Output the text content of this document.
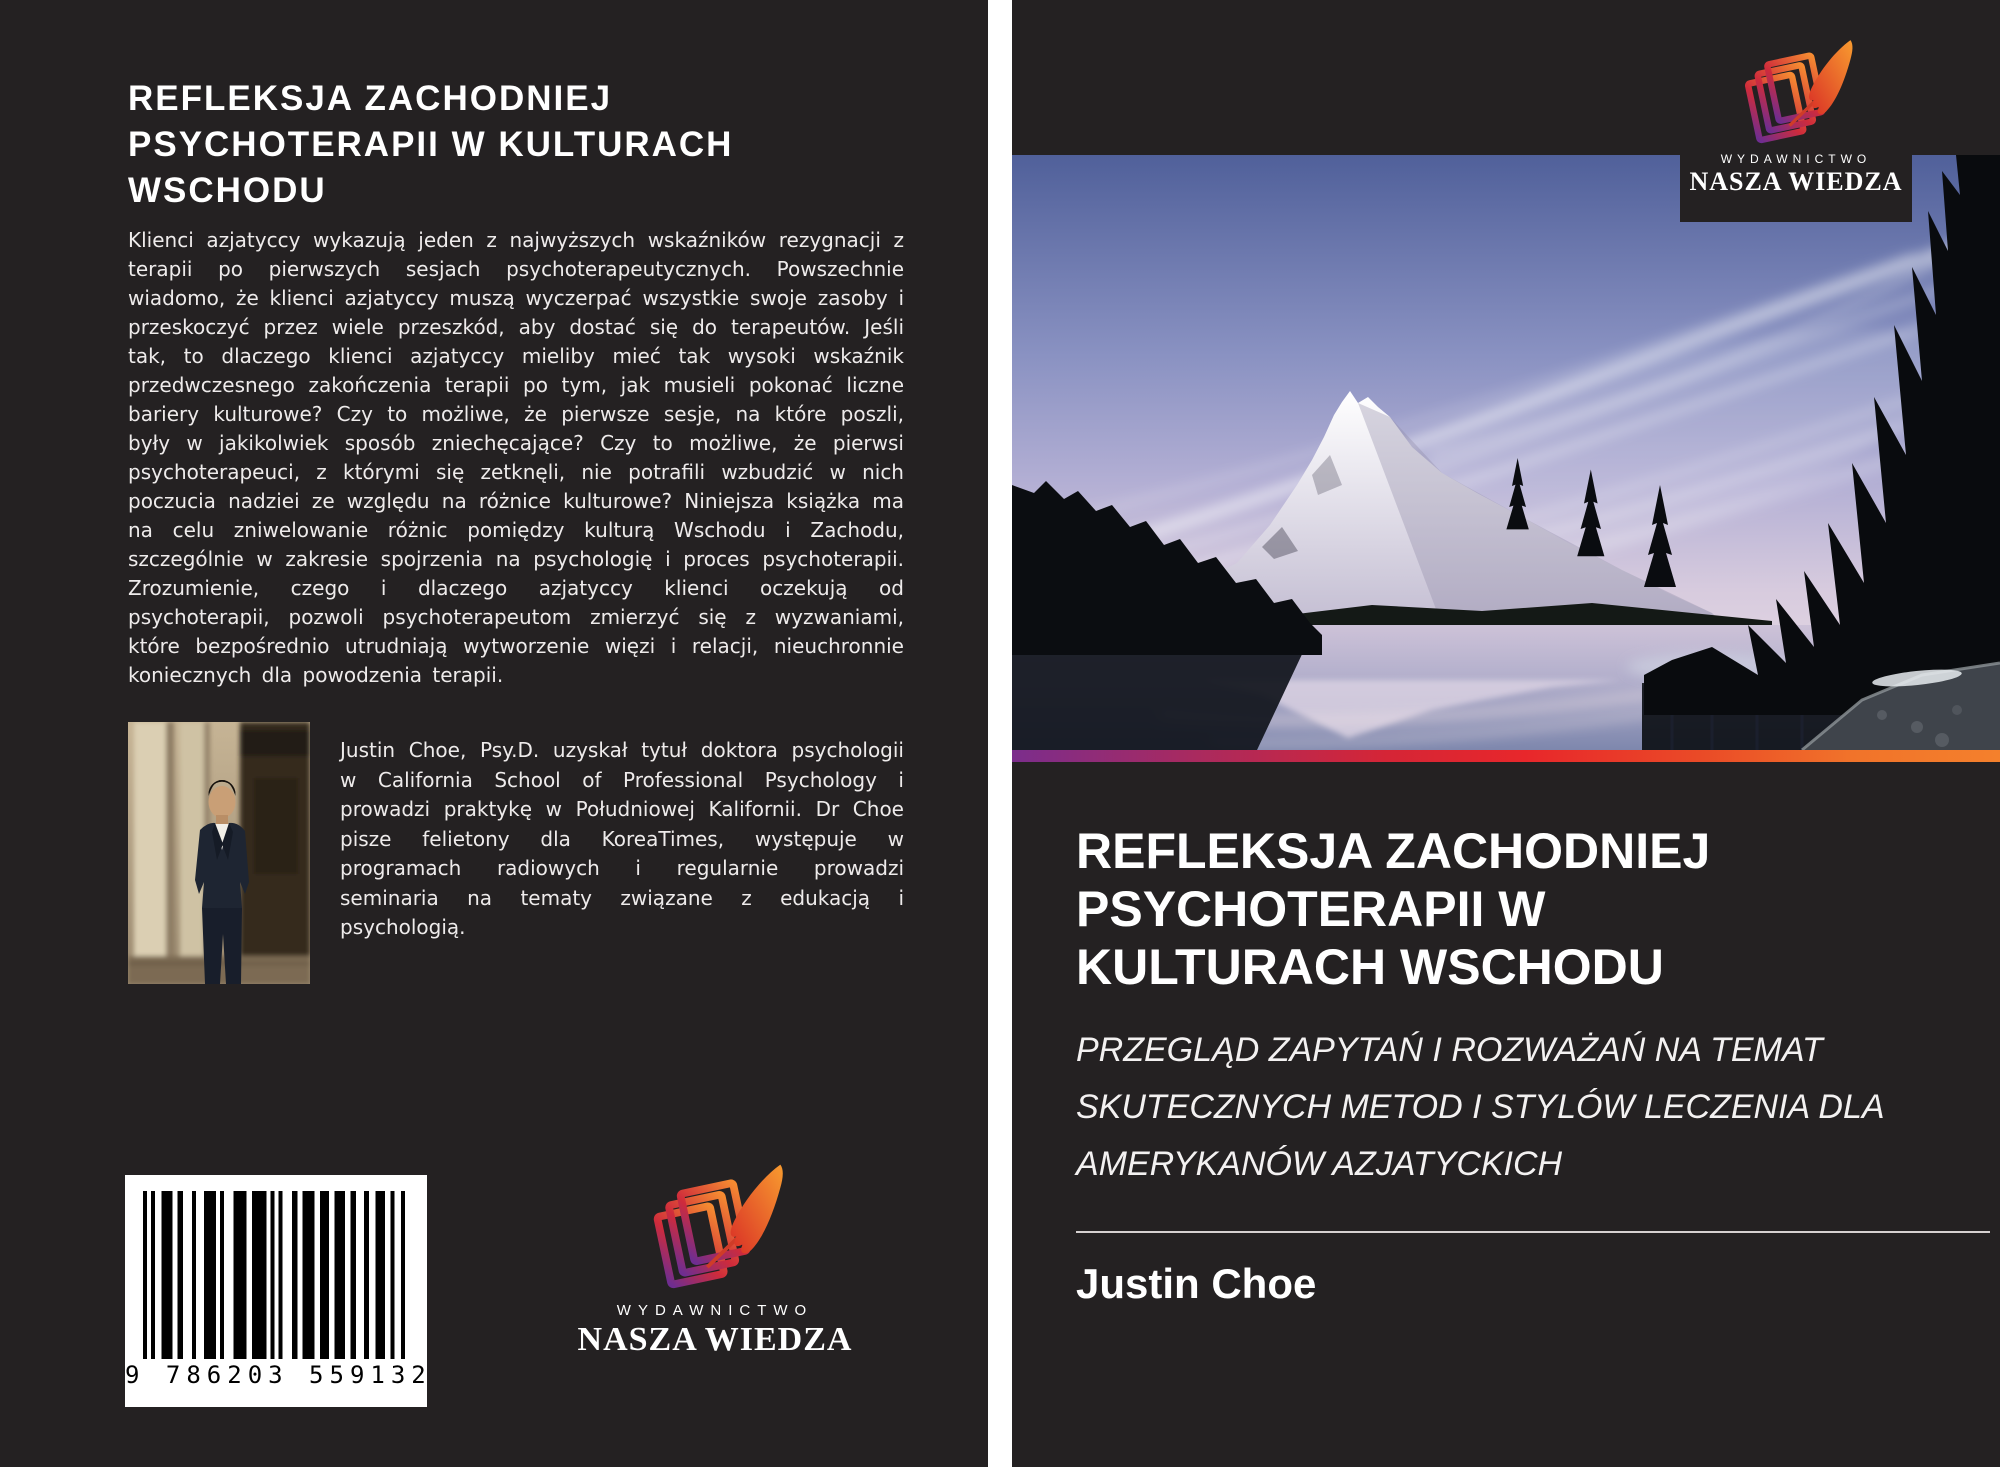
REFLEKSJA ZACHODNIEJ
PSYCHOTERAPII W KULTURACH
WSCHODU

Klienci azjatyccy wykazują jeden z najwyższych wskaźników rezygnacji z terapii po pierwszych sesjach psychoterapeutycznych. Powszechnie wiadomo, że klienci azjatyccy muszą wyczerpać wszystkie swoje zasoby i przeskoczyć przez wiele przeszkód, aby dostać się do terapeutów. Jeśli tak, to dlaczego klienci azjatyccy mieliby mieć tak wysoki wskaźnik przedwczesnego zakończenia terapii po tym, jak musieli pokonać liczne bariery kulturowe? Czy to możliwe, że pierwsze sesje, na które poszli, były w jakikolwiek sposób zniechęcające? Czy to możliwe, że pierwsi psychoterapeuci, z którymi się zetknęli, nie potrafili wzbudzić w nich poczucia nadziei ze względu na różnice kulturowe? Niniejsza książka ma na celu zniwelowanie różnic pomiędzy kulturą Wschodu i Zachodu, szczególnie w zakresie spojrzenia na psychologię i proces psychoterapii. Zrozumienie, czego i dlaczego azjatyccy klienci oczekują od psychoterapii, pozwoli psychoterapeutom zmierzyć się z wyzwaniami, które bezpośrednio utrudniają wytworzenie więzi i relacji, nieuchronnie koniecznych dla powodzenia terapii.

Justin Choe, Psy.D. uzyskał tytuł doktora psychologii w California School of Professional Psychology i prowadzi praktykę w Południowej Kalifornii. Dr Choe pisze felietony dla KoreaTimes, występuje w programach radiowych i regularnie prowadzi seminaria na tematy związane z edukacją i psychologią.

9 786203 559132
WYDAWNICTWO
NASZA WIEDZA
WYDAWNICTWO
NASZA WIEDZA
REFLEKSJA ZACHODNIEJ
PSYCHOTERAPII W
KULTURACH WSCHODU

PRZEGLĄD ZAPYTAŃ I ROZWAŻAŃ NA TEMAT
SKUTECZNYCH METOD I STYLÓW LECZENIA DLA
AMERYKANÓW AZJATYCKICH

Justin Choe
